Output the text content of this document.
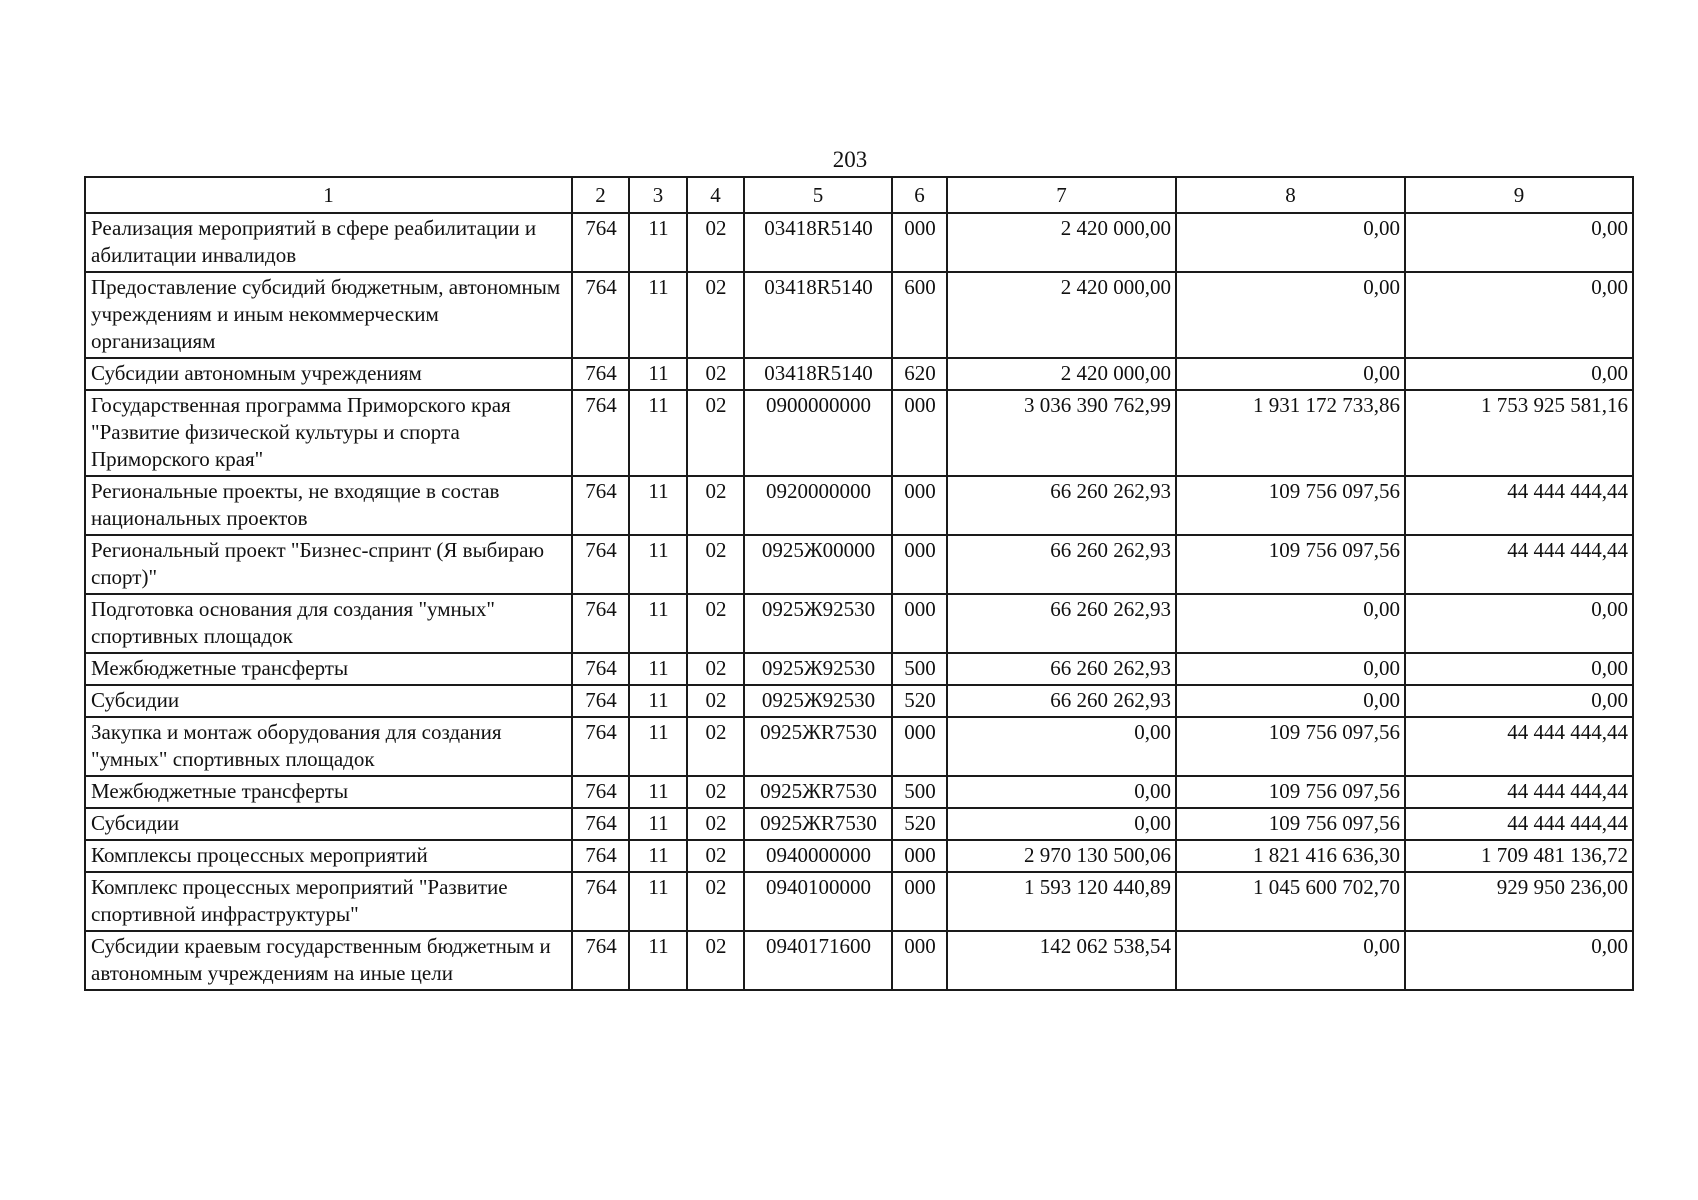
203
1	2	3	4	5	6	7	8	9
Реализация мероприятий в сфере реабилитации и абилитации инвалидов	764	11	02	03418R5140	000	2 420 000,00	0,00	0,00
Предоставление субсидий бюджетным, автономным учреждениям и иным некоммерческим организациям	764	11	02	03418R5140	600	2 420 000,00	0,00	0,00
Субсидии автономным учреждениям	764	11	02	03418R5140	620	2 420 000,00	0,00	0,00
Государственная программа Приморского края "Развитие физической культуры и спорта Приморского края"	764	11	02	0900000000	000	3 036 390 762,99	1 931 172 733,86	1 753 925 581,16
Региональные проекты, не входящие в состав национальных проектов	764	11	02	0920000000	000	66 260 262,93	109 756 097,56	44 444 444,44
Региональный проект "Бизнес-спринт (Я выбираю спорт)"	764	11	02	0925Ж00000	000	66 260 262,93	109 756 097,56	44 444 444,44
Подготовка основания для создания "умных" спортивных площадок	764	11	02	0925Ж92530	000	66 260 262,93	0,00	0,00
Межбюджетные трансферты	764	11	02	0925Ж92530	500	66 260 262,93	0,00	0,00
Субсидии	764	11	02	0925Ж92530	520	66 260 262,93	0,00	0,00
Закупка и монтаж оборудования для создания "умных" спортивных площадок	764	11	02	0925ЖR7530	000	0,00	109 756 097,56	44 444 444,44
Межбюджетные трансферты	764	11	02	0925ЖR7530	500	0,00	109 756 097,56	44 444 444,44
Субсидии	764	11	02	0925ЖR7530	520	0,00	109 756 097,56	44 444 444,44
Комплексы процессных мероприятий	764	11	02	0940000000	000	2 970 130 500,06	1 821 416 636,30	1 709 481 136,72
Комплекс процессных мероприятий "Развитие спортивной инфраструктуры"	764	11	02	0940100000	000	1 593 120 440,89	1 045 600 702,70	929 950 236,00
Субсидии краевым государственным бюджетным и автономным учреждениям на иные цели	764	11	02	0940171600	000	142 062 538,54	0,00	0,00
